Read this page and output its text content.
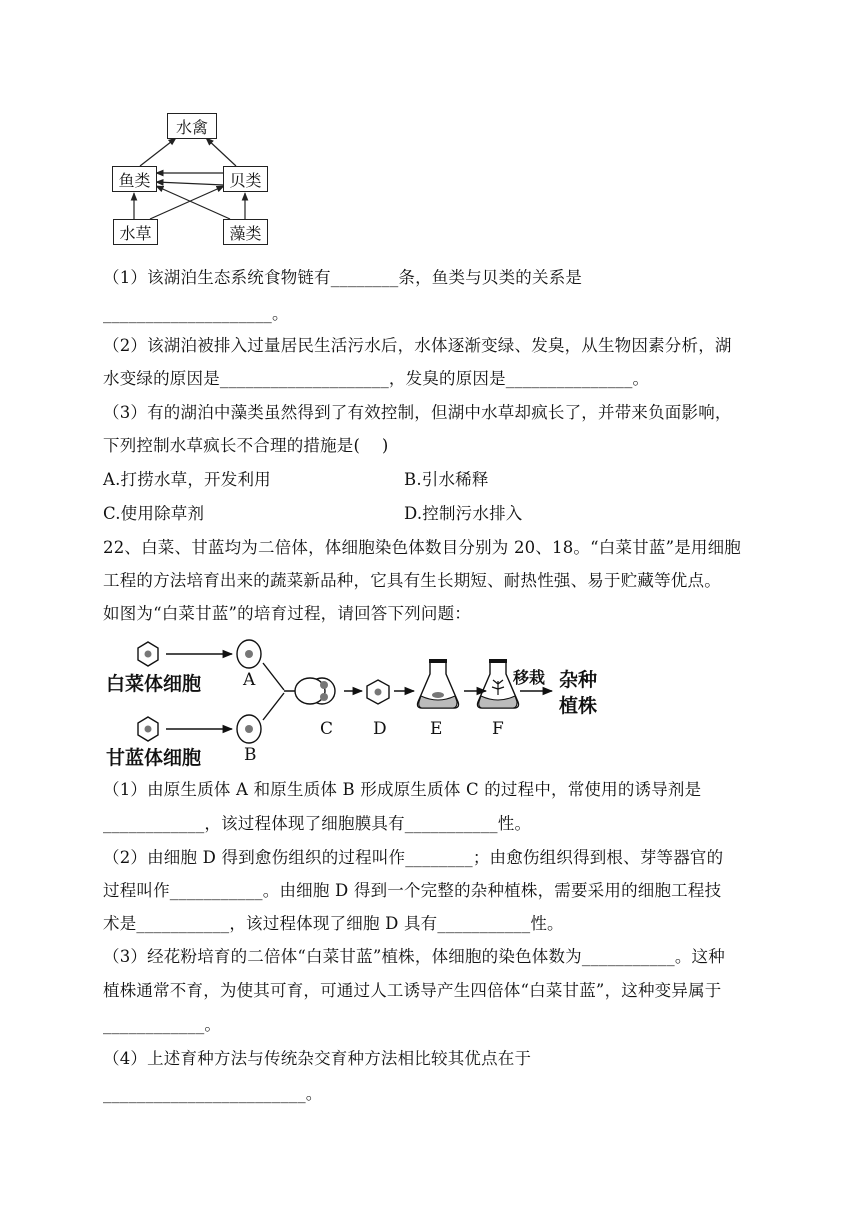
水禽
鱼类	贝类
水草	藻类
（1）该湖泊生态系统食物链有________条，鱼类与贝类的关系是
____________________。
（2）该湖泊被排入过量居民生活污水后，水体逐渐变绿、发臭，从生物因素分析，湖
水变绿的原因是____________________，发臭的原因是_______________。
（3）有的湖泊中藻类虽然得到了有效控制，但湖中水草却疯长了，并带来负面影响，
下列控制水草疯长不合理的措施是(    )
A.打捞水草，开发利用	B.引水稀释
C.使用除草剂	D.控制污水排入
22、白菜、甘蓝均为二倍体，体细胞染色体数目分别为 20、18。“白菜甘蓝”是用细胞
工程的方法培育出来的蔬菜新品种，它具有生长期短、耐热性强、易于贮藏等优点。
如图为“白菜甘蓝”的培育过程，请回答下列问题：
白菜体细胞
甘蓝体细胞
A
B
C D	E	F
移栽 杂种
植株
（1）由原生质体 A 和原生质体 B 形成原生质体 C 的过程中，常使用的诱导剂是
____________，该过程体现了细胞膜具有___________性。
（2）由细胞 D 得到愈伤组织的过程叫作________；由愈伤组织得到根、芽等器官的
过程叫作___________。由细胞 D 得到一个完整的杂种植株，需要采用的细胞工程技
术是___________，该过程体现了细胞 D 具有___________性。
（3）经花粉培育的二倍体“白菜甘蓝”植株，体细胞的染色体数为___________。这种
植株通常不育，为使其可育，可通过人工诱导产生四倍体“白菜甘蓝”，这种变异属于
____________。
（4）上述育种方法与传统杂交育种方法相比较其优点在于
________________________。
